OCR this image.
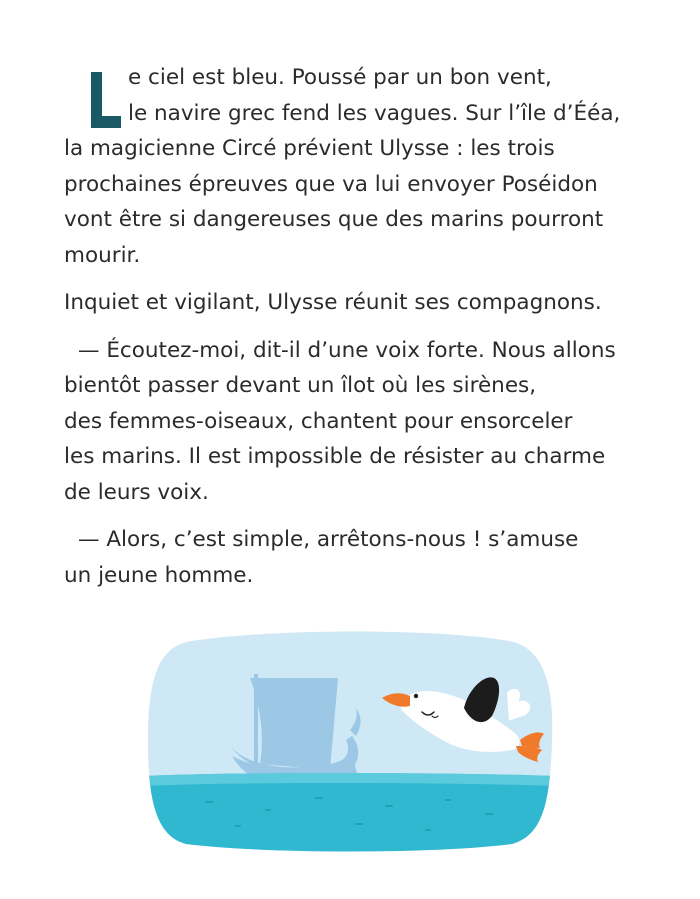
e ciel est bleu. Poussé par un bon vent,
le navire grec fend les vagues. Sur l’île d’Ééa,
la magicienne Circé prévient Ulysse : les trois
prochaines épreuves que va lui envoyer Poséidon
vont être si dangereuses que des marins pourront
mourir.
Inquiet et vigilant, Ulysse réunit ses compagnons.
— Écoutez-moi, dit-il d’une voix forte. Nous allons
bientôt passer devant un îlot où les sirènes,
des femmes-oiseaux, chantent pour ensorceler
les marins. Il est impossible de résister au charme
de leurs voix.
— Alors, c’est simple, arrêtons-nous ! s’amuse
un jeune homme.
